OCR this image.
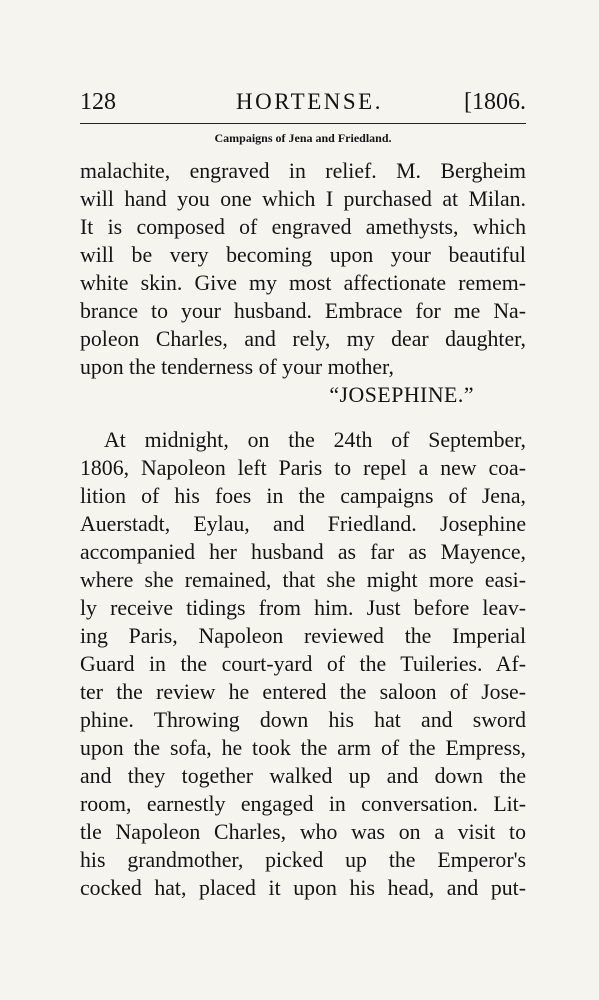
128	HORTENSE.	[1806.
Campaigns of Jena and Friedland.
malachite, engraved in relief. M. Bergheim
will hand you one which I purchased at Milan.
It is composed of engraved amethysts, which
will be very becoming upon your beautiful
white skin. Give my most affectionate remem-
brance to your husband. Embrace for me Na-
poleon Charles, and rely, my dear daughter,
upon the tenderness of your mother,
“JOSEPHINE.”
At midnight, on the 24th of September,
1806, Napoleon left Paris to repel a new coa-
lition of his foes in the campaigns of Jena,
Auerstadt, Eylau, and Friedland. Josephine
accompanied her husband as far as Mayence,
where she remained, that she might more easi-
ly receive tidings from him. Just before leav-
ing Paris, Napoleon reviewed the Imperial
Guard in the court-yard of the Tuileries. Af-
ter the review he entered the saloon of Jose-
phine. Throwing down his hat and sword
upon the sofa, he took the arm of the Empress,
and they together walked up and down the
room, earnestly engaged in conversation. Lit-
tle Napoleon Charles, who was on a visit to
his grandmother, picked up the Emperor's
cocked hat, placed it upon his head, and put-
